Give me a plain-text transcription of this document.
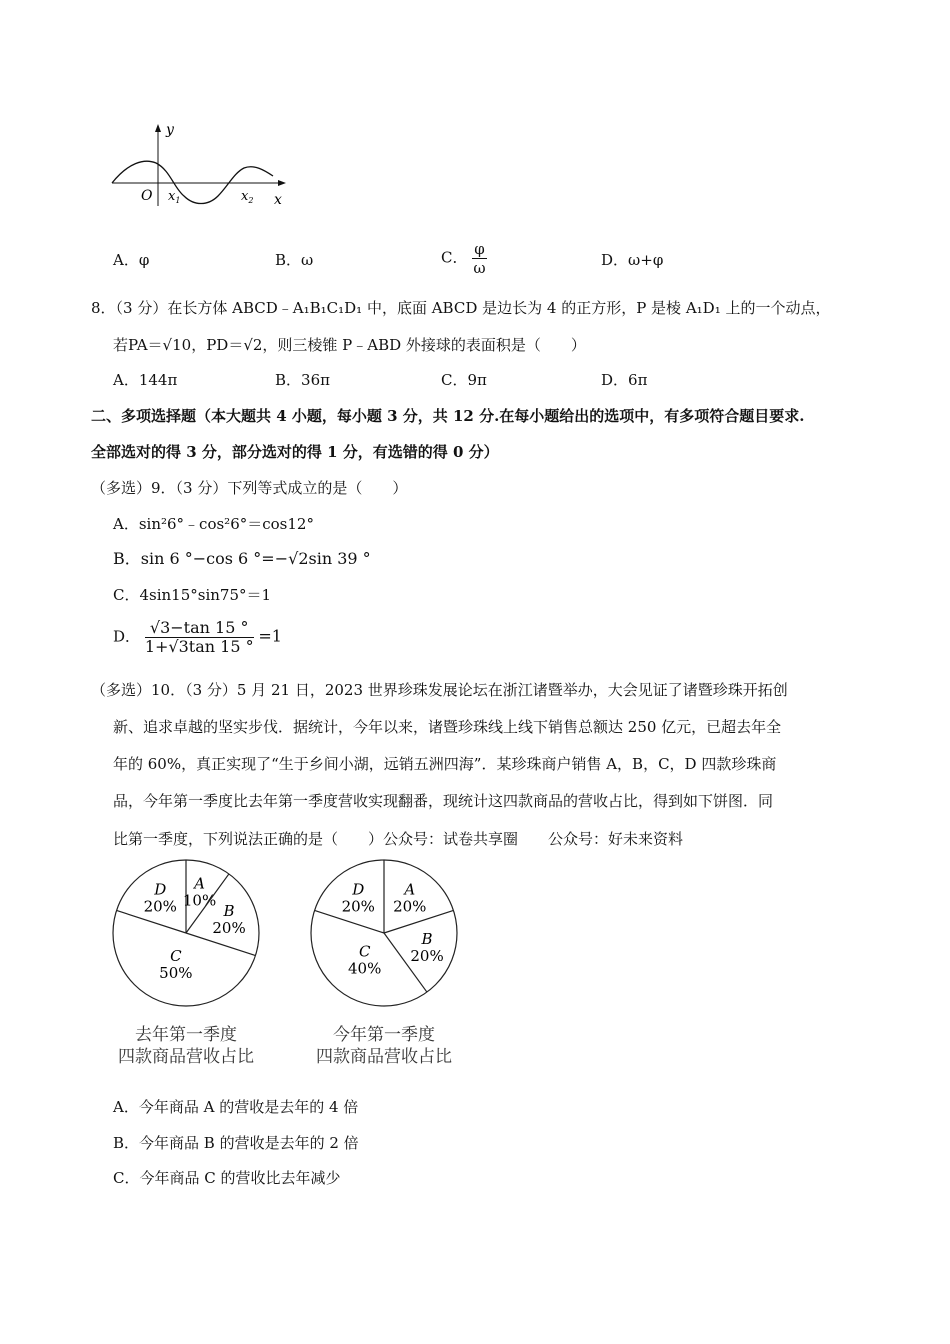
y
O $x_1$	$x_2$ x
A．φ	B．ω	C． $\frac{\varphi}{\omega}$	D．ω+φ
8．（3 分）在长方体 ABCD﹣A₁B₁C₁D₁ 中，底面 ABCD 是边长为 4 的正方形，P 是棱 A₁D₁ 上的一个动点，
若PA＝√10，PD＝√2，则三棱锥 P﹣ABD 外接球的表面积是（　　）
A．144π	B．36π	C．9π	D．6π
二、多项选择题（本大题共 4 小题，每小题 3 分，共 12 分.在每小题给出的选项中，有多项符合题目要求.
全部选对的得 3 分，部分选对的得 1 分，有选错的得 0 分）
（多选）9．（3 分）下列等式成立的是（　　）
A．sin²6°﹣cos²6°＝cos12°
B．sin 6 °−cos 6 °=−√2sin 39 °
C．4sin15°sin75°＝1
D． $\frac{√3-\tan 15 ^\circ}{1+√3\tan 15 ^\circ} =1$
（多选）10．（3 分）5 月 21 日，2023 世界珍珠发展论坛在浙江诸暨举办，大会见证了诸暨珍珠开拓创
新、追求卓越的坚实步伐．据统计，今年以来，诸暨珍珠线上线下销售总额达 250 亿元，已超去年全
年的 60%，真正实现了“生于乡间小湖，远销五洲四海”．某珍珠商户销售 A，B，C，D 四款珍珠商
品，今年第一季度比去年第一季度营收实现翻番，现统计这四款商品的营收占比，得到如下饼图．同
比第一季度，下列说法正确的是（　　）公众号：试卷共享圈　　公众号：好未来资料
A
10%
B
20%
C
50%
D
20%
去年第一季度
四款商品营收占比
A
20%
B
20%
C
40%
D
20%
今年第一季度
四款商品营收占比
A．今年商品 A 的营收是去年的 4 倍
B．今年商品 B 的营收是去年的 2 倍
C．今年商品 C 的营收比去年减少
